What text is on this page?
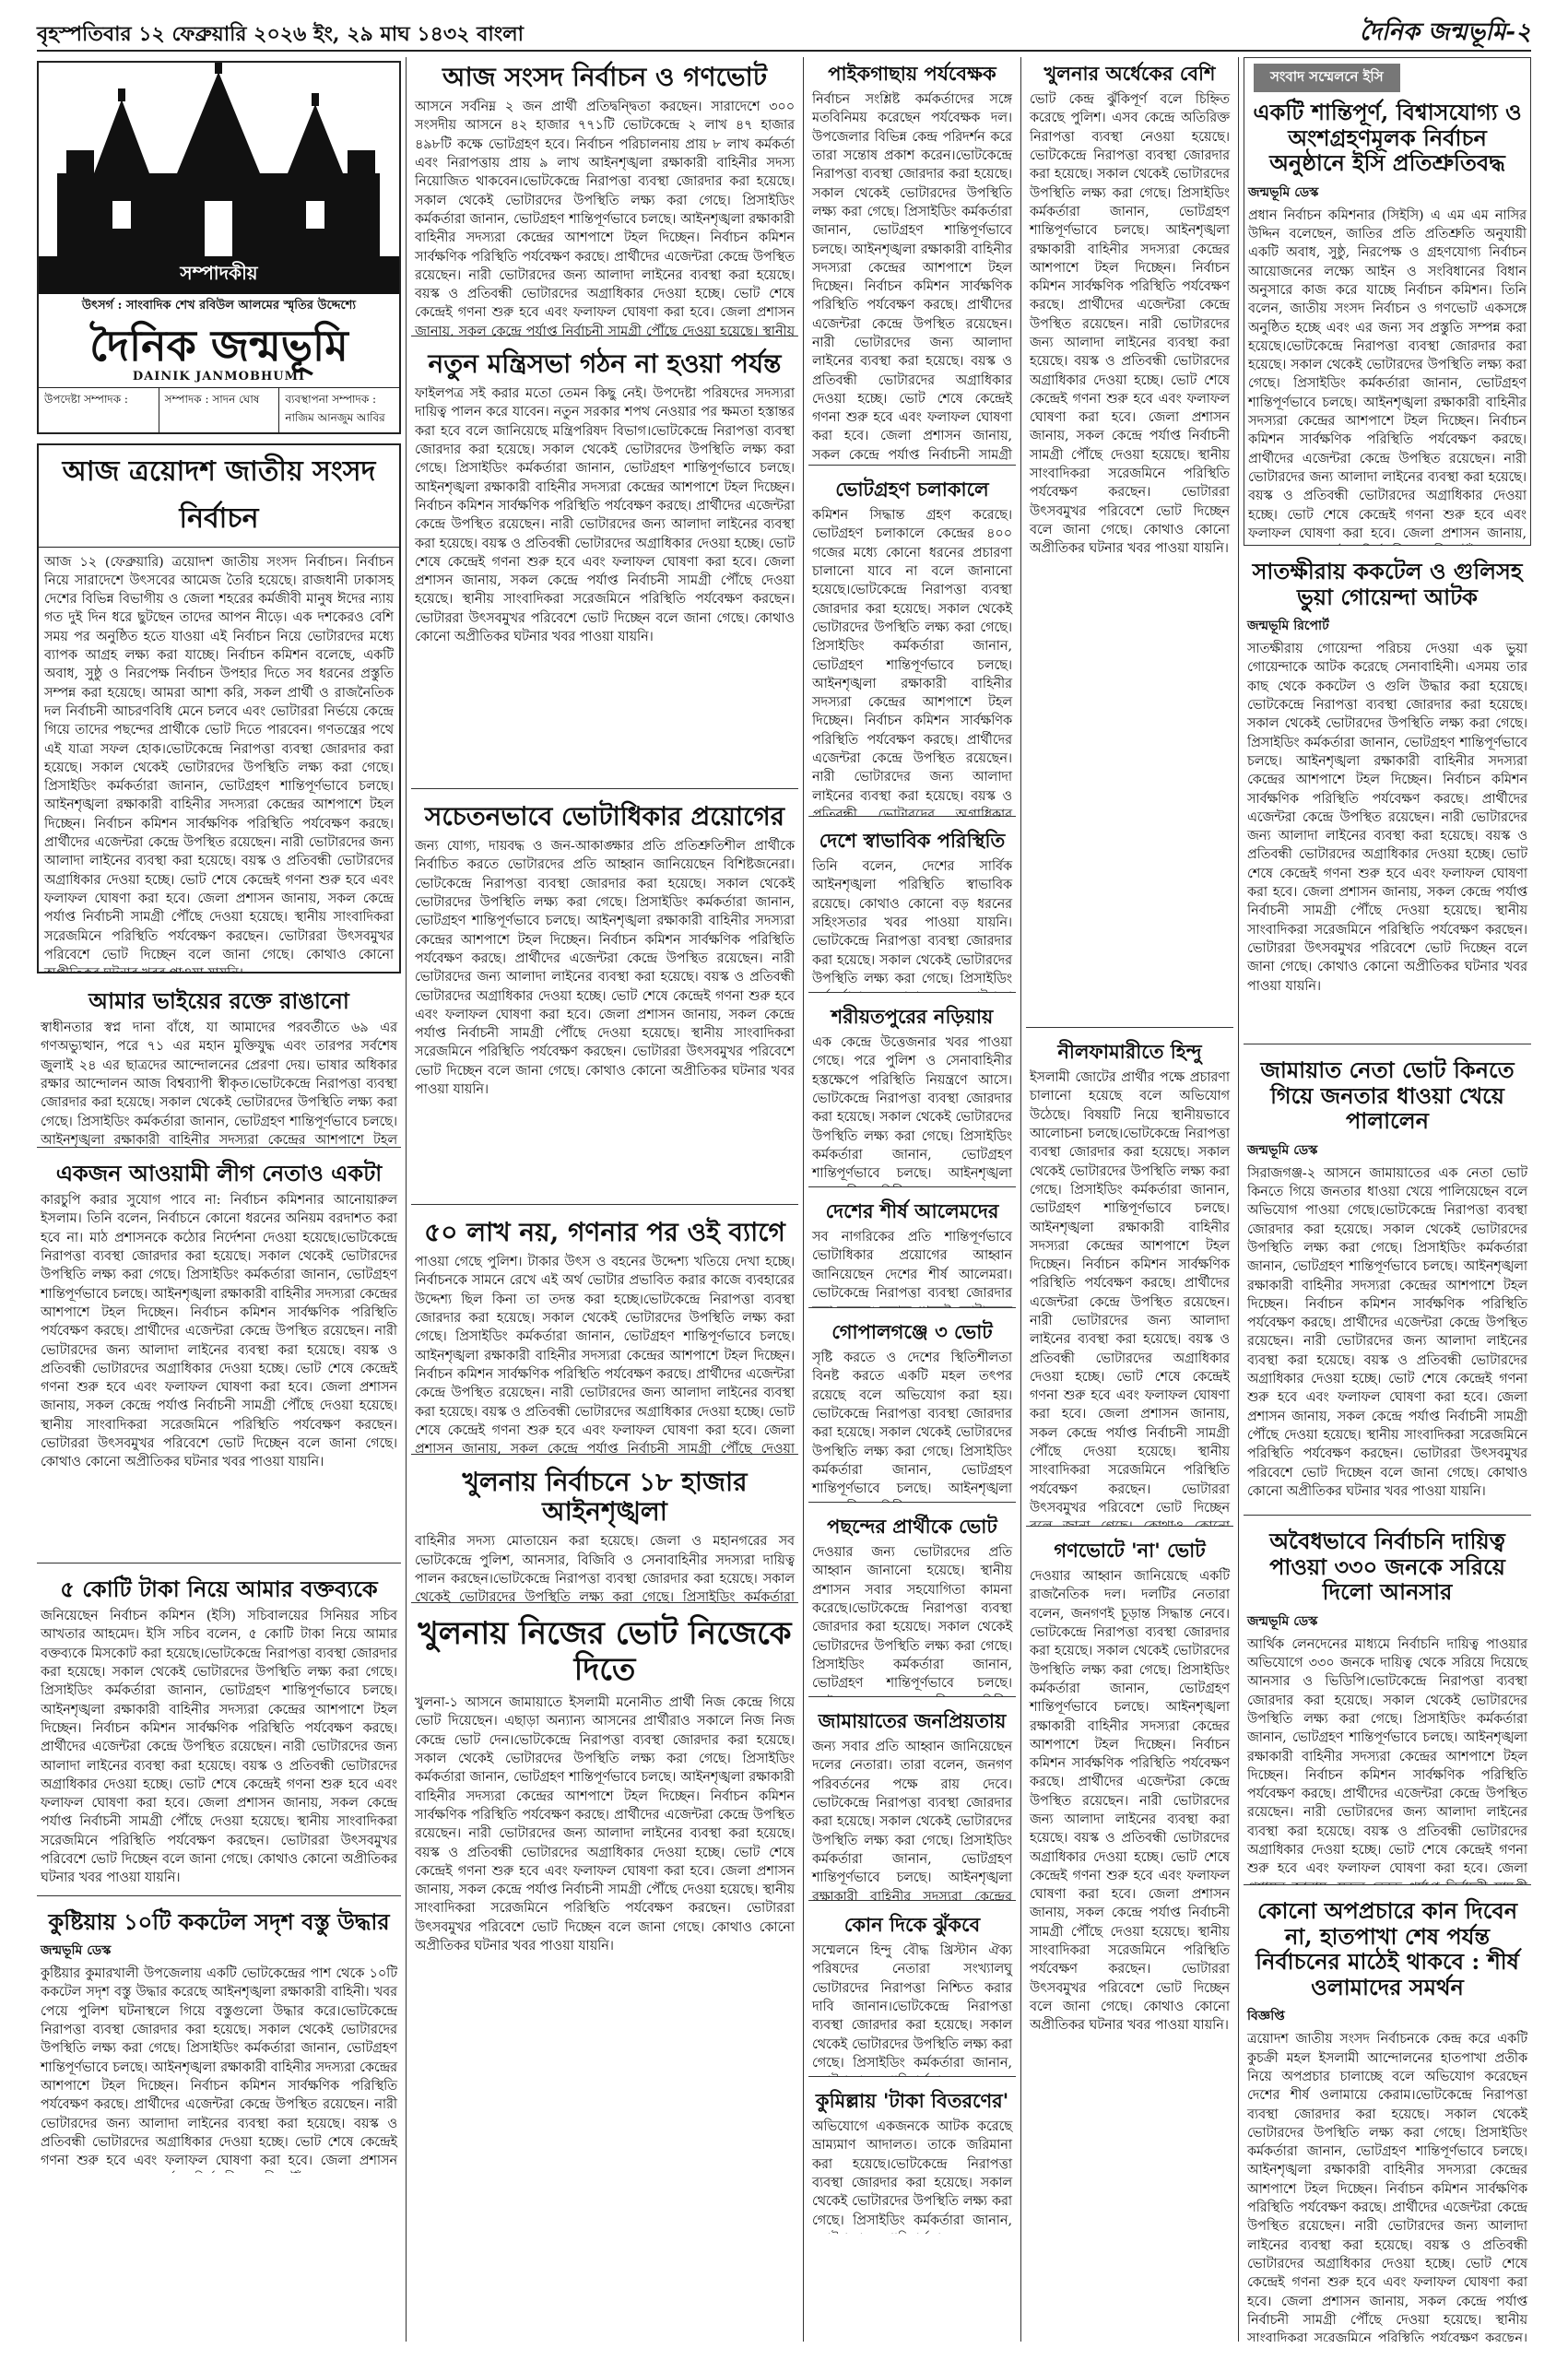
বৃহস্পতিবার ১২ ফেব্রুয়ারি ২০২৬ ইং, ২৯ মাঘ ১৪৩২ বাংলা	দৈনিক জন্মভূমি-২
সম্পাদকীয়
উৎসর্গ : সাংবাদিক শেখ রবিউল আলমের স্মৃতির উদ্দেশ্যে
দৈনিক জন্মভূমি
DAINIK JANMOBHUMI
উপদেষ্টা সম্পাদক :	সম্পাদক : সাদন ঘোষ	ব্যবস্থাপনা সম্পাদক : নাজিম আনজুম আবির
আজ ত্রয়োদশ জাতীয় সংসদ নির্বাচন

আজ ১২ (ফেব্রুয়ারি) ত্রয়োদশ জাতীয় সংসদ নির্বাচন। নির্বাচন নিয়ে সারাদেশে উৎসবের আমেজ তৈরি হয়েছে। রাজধানী ঢাকাসহ দেশের বিভিন্ন বিভাগীয় ও জেলা শহরের কর্মজীবী মানুষ ঈদের ন্যায় গত দুই দিন ধরে ছুটছেন তাদের আপন নীড়ে। এক দশকেরও বেশি সময় পর অনুষ্ঠিত হতে যাওয়া এই নির্বাচন নিয়ে ভোটারদের মধ্যে ব্যাপক আগ্রহ লক্ষ্য করা যাচ্ছে। নির্বাচন কমিশন বলেছে, একটি অবাধ, সুষ্ঠু ও নিরপেক্ষ নির্বাচন উপহার দিতে সব ধরনের প্রস্তুতি সম্পন্ন করা হয়েছে। আমরা আশা করি, সকল প্রার্থী ও রাজনৈতিক দল নির্বাচনী আচরণবিধি মেনে চলবে এবং ভোটাররা নির্ভয়ে কেন্দ্রে গিয়ে তাদের পছন্দের প্রার্থীকে ভোট দিতে পারবেন। গণতন্ত্রের পথে এই যাত্রা সফল হোক। ভোটকেন্দ্রে নিরাপত্তা ব্যবস্থা জোরদার করা হয়েছে। সকাল থেকেই ভোটারদের উপস্থিতি লক্ষ্য করা গেছে। প্রিসাইডিং কর্মকর্তারা জানান, ভোটগ্রহণ শান্তিপূর্ণভাবে চলছে। আইনশৃঙ্খলা রক্ষাকারী বাহিনীর সদস্যরা কেন্দ্রের আশপাশে টহল দিচ্ছেন। নির্বাচন কমিশন সার্বক্ষণিক পরিস্থিতি পর্যবেক্ষণ করছে। প্রার্থীদের এজেন্টরা কেন্দ্রে উপস্থিত রয়েছেন। নারী ভোটারদের জন্য আলাদা লাইনের ব্যবস্থা করা হয়েছে। বয়স্ক ও প্রতিবন্ধী ভোটারদের অগ্রাধিকার দেওয়া হচ্ছে। ভোট শেষে কেন্দ্রেই গণনা শুরু হবে এবং ফলাফল ঘোষণা করা হবে। জেলা প্রশাসন জানায়, সকল কেন্দ্রে পর্যাপ্ত নির্বাচনী সামগ্রী পৌঁছে দেওয়া হয়েছে। স্থানীয় সাংবাদিকরা সরেজমিনে পরিস্থিতি পর্যবেক্ষণ করছেন। ভোটাররা উৎসবমুখর পরিবেশে ভোট দিচ্ছেন বলে জানা গেছে। কোথাও কোনো অপ্রীতিকর ঘটনার খবর পাওয়া যায়নি।

আমার ভাইয়ের রক্তে রাঙানো

স্বাধীনতার স্বপ্ন দানা বাঁধে, যা আমাদের পরবর্তীতে ৬৯ এর গণঅভ্যুত্থান, পরে ৭১ এর মহান মুক্তিযুদ্ধ এবং তারপর সর্বশেষ জুলাই ২৪ এর ছাত্রদের আন্দোলনের প্রেরণা দেয়। ভাষার অধিকার রক্ষার আন্দোলন আজ বিশ্বব্যাপী স্বীকৃত। ভোটকেন্দ্রে নিরাপত্তা ব্যবস্থা জোরদার করা হয়েছে। সকাল থেকেই ভোটারদের উপস্থিতি লক্ষ্য করা গেছে। প্রিসাইডিং কর্মকর্তারা জানান, ভোটগ্রহণ শান্তিপূর্ণভাবে চলছে। আইনশৃঙ্খলা রক্ষাকারী বাহিনীর সদস্যরা কেন্দ্রের আশপাশে টহল দিচ্ছেন। নির্বাচন কমিশন সার্বক্ষণিক পরিস্থিতি পর্যবেক্ষণ করছে। প্রার্থীদের এজেন্টরা কেন্দ্রে উপস্থিত রয়েছেন। নারী ভোটারদের জন্য আলাদা লাইনের ব্যবস্থা করা হয়েছে। বয়স্ক ও প্রতিবন্ধী ভোটারদের অগ্রাধিকার দেওয়া হচ্ছে। ভোট শেষে কেন্দ্রেই গণনা শুরু হবে এবং ফলাফল ঘোষণা করা হবে। জেলা প্রশাসন জানায়, সকল কেন্দ্রে পর্যাপ্ত নির্বাচনী সামগ্রী পৌঁছে দেওয়া হয়েছে। স্থানীয় সাংবাদিকরা সরেজমিনে পরিস্থিতি পর্যবেক্ষণ করছেন। ভোটাররা উৎসবমুখর পরিবেশে ভোট দিচ্ছেন বলে জানা গেছে। কোথাও কোনো অপ্রীতিকর ঘটনার খবর পাওয়া যায়নি।

একজন আওয়ামী লীগ নেতাও একটা

কারচুপি করার সুযোগ পাবে না: নির্বাচন কমিশনার আনোয়ারুল ইসলাম। তিনি বলেন, নির্বাচনে কোনো ধরনের অনিয়ম বরদাশত করা হবে না। মাঠ প্রশাসনকে কঠোর নির্দেশনা দেওয়া হয়েছে। ভোটকেন্দ্রে নিরাপত্তা ব্যবস্থা জোরদার করা হয়েছে। সকাল থেকেই ভোটারদের উপস্থিতি লক্ষ্য করা গেছে। প্রিসাইডিং কর্মকর্তারা জানান, ভোটগ্রহণ শান্তিপূর্ণভাবে চলছে। আইনশৃঙ্খলা রক্ষাকারী বাহিনীর সদস্যরা কেন্দ্রের আশপাশে টহল দিচ্ছেন। নির্বাচন কমিশন সার্বক্ষণিক পরিস্থিতি পর্যবেক্ষণ করছে। প্রার্থীদের এজেন্টরা কেন্দ্রে উপস্থিত রয়েছেন। নারী ভোটারদের জন্য আলাদা লাইনের ব্যবস্থা করা হয়েছে। বয়স্ক ও প্রতিবন্ধী ভোটারদের অগ্রাধিকার দেওয়া হচ্ছে। ভোট শেষে কেন্দ্রেই গণনা শুরু হবে এবং ফলাফল ঘোষণা করা হবে। জেলা প্রশাসন জানায়, সকল কেন্দ্রে পর্যাপ্ত নির্বাচনী সামগ্রী পৌঁছে দেওয়া হয়েছে। স্থানীয় সাংবাদিকরা সরেজমিনে পরিস্থিতি পর্যবেক্ষণ করছেন। ভোটাররা উৎসবমুখর পরিবেশে ভোট দিচ্ছেন বলে জানা গেছে। কোথাও কোনো অপ্রীতিকর ঘটনার খবর পাওয়া যায়নি।

৫ কোটি টাকা নিয়ে আমার বক্তব্যকে

জনিয়েছেন নির্বাচন কমিশন (ইসি) সচিবালয়ের সিনিয়র সচিব আখতার আহমেদ। ইসি সচিব বলেন, ৫ কোটি টাকা নিয়ে আমার বক্তব্যকে মিসকোট করা হয়েছে। ভোটকেন্দ্রে নিরাপত্তা ব্যবস্থা জোরদার করা হয়েছে। সকাল থেকেই ভোটারদের উপস্থিতি লক্ষ্য করা গেছে। প্রিসাইডিং কর্মকর্তারা জানান, ভোটগ্রহণ শান্তিপূর্ণভাবে চলছে। আইনশৃঙ্খলা রক্ষাকারী বাহিনীর সদস্যরা কেন্দ্রের আশপাশে টহল দিচ্ছেন। নির্বাচন কমিশন সার্বক্ষণিক পরিস্থিতি পর্যবেক্ষণ করছে। প্রার্থীদের এজেন্টরা কেন্দ্রে উপস্থিত রয়েছেন। নারী ভোটারদের জন্য আলাদা লাইনের ব্যবস্থা করা হয়েছে। বয়স্ক ও প্রতিবন্ধী ভোটারদের অগ্রাধিকার দেওয়া হচ্ছে। ভোট শেষে কেন্দ্রেই গণনা শুরু হবে এবং ফলাফল ঘোষণা করা হবে। জেলা প্রশাসন জানায়, সকল কেন্দ্রে পর্যাপ্ত নির্বাচনী সামগ্রী পৌঁছে দেওয়া হয়েছে। স্থানীয় সাংবাদিকরা সরেজমিনে পরিস্থিতি পর্যবেক্ষণ করছেন। ভোটাররা উৎসবমুখর পরিবেশে ভোট দিচ্ছেন বলে জানা গেছে। কোথাও কোনো অপ্রীতিকর ঘটনার খবর পাওয়া যায়নি।

কুষ্টিয়ায় ১০টি ককটেল সদৃশ বস্তু উদ্ধার
জন্মভূমি ডেস্ক

কুষ্টিয়ার কুমারখালী উপজেলায় একটি ভোটকেন্দ্রের পাশ থেকে ১০টি ককটেল সদৃশ বস্তু উদ্ধার করেছে আইনশৃঙ্খলা রক্ষাকারী বাহিনী। খবর পেয়ে পুলিশ ঘটনাস্থলে গিয়ে বস্তুগুলো উদ্ধার করে। ভোটকেন্দ্রে নিরাপত্তা ব্যবস্থা জোরদার করা হয়েছে। সকাল থেকেই ভোটারদের উপস্থিতি লক্ষ্য করা গেছে। প্রিসাইডিং কর্মকর্তারা জানান, ভোটগ্রহণ শান্তিপূর্ণভাবে চলছে। আইনশৃঙ্খলা রক্ষাকারী বাহিনীর সদস্যরা কেন্দ্রের আশপাশে টহল দিচ্ছেন। নির্বাচন কমিশন সার্বক্ষণিক পরিস্থিতি পর্যবেক্ষণ করছে। প্রার্থীদের এজেন্টরা কেন্দ্রে উপস্থিত রয়েছেন। নারী ভোটারদের জন্য আলাদা লাইনের ব্যবস্থা করা হয়েছে। বয়স্ক ও প্রতিবন্ধী ভোটারদের অগ্রাধিকার দেওয়া হচ্ছে। ভোট শেষে কেন্দ্রেই গণনা শুরু হবে এবং ফলাফল ঘোষণা করা হবে। জেলা প্রশাসন জানায়, সকল কেন্দ্রে পর্যাপ্ত নির্বাচনী সামগ্রী পৌঁছে দেওয়া হয়েছে। স্থানীয় সাংবাদিকরা সরেজমিনে পরিস্থিতি পর্যবেক্ষণ করছেন। ভোটাররা উৎসবমুখর পরিবেশে ভোট দিচ্ছেন বলে জানা গেছে। কোথাও কোনো অপ্রীতিকর ঘটনার খবর পাওয়া যায়নি।

আজ সংসদ নির্বাচন ও গণভোট

আসনে সর্বনিম্ন ২ জন প্রার্থী প্রতিদ্বন্দ্বিতা করছেন। সারাদেশে ৩০০ সংসদীয় আসনে ৪২ হাজার ৭৭১টি ভোটকেন্দ্রে ২ লাখ ৪৭ হাজার ৪৯৮টি কক্ষে ভোটগ্রহণ হবে। নির্বাচন পরিচালনায় প্রায় ৮ লাখ কর্মকর্তা এবং নিরাপত্তায় প্রায় ৯ লাখ আইনশৃঙ্খলা রক্ষাকারী বাহিনীর সদস্য নিয়োজিত থাকবেন। ভোটকেন্দ্রে নিরাপত্তা ব্যবস্থা জোরদার করা হয়েছে। সকাল থেকেই ভোটারদের উপস্থিতি লক্ষ্য করা গেছে। প্রিসাইডিং কর্মকর্তারা জানান, ভোটগ্রহণ শান্তিপূর্ণভাবে চলছে। আইনশৃঙ্খলা রক্ষাকারী বাহিনীর সদস্যরা কেন্দ্রের আশপাশে টহল দিচ্ছেন। নির্বাচন কমিশন সার্বক্ষণিক পরিস্থিতি পর্যবেক্ষণ করছে। প্রার্থীদের এজেন্টরা কেন্দ্রে উপস্থিত রয়েছেন। নারী ভোটারদের জন্য আলাদা লাইনের ব্যবস্থা করা হয়েছে। বয়স্ক ও প্রতিবন্ধী ভোটারদের অগ্রাধিকার দেওয়া হচ্ছে। ভোট শেষে কেন্দ্রেই গণনা শুরু হবে এবং ফলাফল ঘোষণা করা হবে। জেলা প্রশাসন জানায়, সকল কেন্দ্রে পর্যাপ্ত নির্বাচনী সামগ্রী পৌঁছে দেওয়া হয়েছে। স্থানীয় সাংবাদিকরা সরেজমিনে পরিস্থিতি পর্যবেক্ষণ করছেন। ভোটাররা উৎসবমুখর পরিবেশে ভোট দিচ্ছেন বলে জানা গেছে। কোথাও কোনো অপ্রীতিকর ঘটনার খবর পাওয়া যায়নি।

নতুন মন্ত্রিসভা গঠন না হওয়া পর্যন্ত

ফাইলপত্র সই করার মতো তেমন কিছু নেই। উপদেষ্টা পরিষদের সদস্যরা দায়িত্ব পালন করে যাবেন। নতুন সরকার শপথ নেওয়ার পর ক্ষমতা হস্তান্তর করা হবে বলে জানিয়েছে মন্ত্রিপরিষদ বিভাগ। ভোটকেন্দ্রে নিরাপত্তা ব্যবস্থা জোরদার করা হয়েছে। সকাল থেকেই ভোটারদের উপস্থিতি লক্ষ্য করা গেছে। প্রিসাইডিং কর্মকর্তারা জানান, ভোটগ্রহণ শান্তিপূর্ণভাবে চলছে। আইনশৃঙ্খলা রক্ষাকারী বাহিনীর সদস্যরা কেন্দ্রের আশপাশে টহল দিচ্ছেন। নির্বাচন কমিশন সার্বক্ষণিক পরিস্থিতি পর্যবেক্ষণ করছে। প্রার্থীদের এজেন্টরা কেন্দ্রে উপস্থিত রয়েছেন। নারী ভোটারদের জন্য আলাদা লাইনের ব্যবস্থা করা হয়েছে। বয়স্ক ও প্রতিবন্ধী ভোটারদের অগ্রাধিকার দেওয়া হচ্ছে। ভোট শেষে কেন্দ্রেই গণনা শুরু হবে এবং ফলাফল ঘোষণা করা হবে। জেলা প্রশাসন জানায়, সকল কেন্দ্রে পর্যাপ্ত নির্বাচনী সামগ্রী পৌঁছে দেওয়া হয়েছে। স্থানীয় সাংবাদিকরা সরেজমিনে পরিস্থিতি পর্যবেক্ষণ করছেন। ভোটাররা উৎসবমুখর পরিবেশে ভোট দিচ্ছেন বলে জানা গেছে। কোথাও কোনো অপ্রীতিকর ঘটনার খবর পাওয়া যায়নি।

সচেতনভাবে ভোটাধিকার প্রয়োগের

জন্য যোগ্য, দায়বদ্ধ ও জন-আকাঙ্ক্ষার প্রতি প্রতিশ্রুতিশীল প্রার্থীকে নির্বাচিত করতে ভোটারদের প্রতি আহ্বান জানিয়েছেন বিশিষ্টজনেরা। ভোটকেন্দ্রে নিরাপত্তা ব্যবস্থা জোরদার করা হয়েছে। সকাল থেকেই ভোটারদের উপস্থিতি লক্ষ্য করা গেছে। প্রিসাইডিং কর্মকর্তারা জানান, ভোটগ্রহণ শান্তিপূর্ণভাবে চলছে। আইনশৃঙ্খলা রক্ষাকারী বাহিনীর সদস্যরা কেন্দ্রের আশপাশে টহল দিচ্ছেন। নির্বাচন কমিশন সার্বক্ষণিক পরিস্থিতি পর্যবেক্ষণ করছে। প্রার্থীদের এজেন্টরা কেন্দ্রে উপস্থিত রয়েছেন। নারী ভোটারদের জন্য আলাদা লাইনের ব্যবস্থা করা হয়েছে। বয়স্ক ও প্রতিবন্ধী ভোটারদের অগ্রাধিকার দেওয়া হচ্ছে। ভোট শেষে কেন্দ্রেই গণনা শুরু হবে এবং ফলাফল ঘোষণা করা হবে। জেলা প্রশাসন জানায়, সকল কেন্দ্রে পর্যাপ্ত নির্বাচনী সামগ্রী পৌঁছে দেওয়া হয়েছে। স্থানীয় সাংবাদিকরা সরেজমিনে পরিস্থিতি পর্যবেক্ষণ করছেন। ভোটাররা উৎসবমুখর পরিবেশে ভোট দিচ্ছেন বলে জানা গেছে। কোথাও কোনো অপ্রীতিকর ঘটনার খবর পাওয়া যায়নি।

৫০ লাখ নয়, গণনার পর ওই ব্যাগে

পাওয়া গেছে পুলিশ। টাকার উৎস ও বহনের উদ্দেশ্য খতিয়ে দেখা হচ্ছে। নির্বাচনকে সামনে রেখে এই অর্থ ভোটার প্রভাবিত করার কাজে ব্যবহারের উদ্দেশ্য ছিল কিনা তা তদন্ত করা হচ্ছে। ভোটকেন্দ্রে নিরাপত্তা ব্যবস্থা জোরদার করা হয়েছে। সকাল থেকেই ভোটারদের উপস্থিতি লক্ষ্য করা গেছে। প্রিসাইডিং কর্মকর্তারা জানান, ভোটগ্রহণ শান্তিপূর্ণভাবে চলছে। আইনশৃঙ্খলা রক্ষাকারী বাহিনীর সদস্যরা কেন্দ্রের আশপাশে টহল দিচ্ছেন। নির্বাচন কমিশন সার্বক্ষণিক পরিস্থিতি পর্যবেক্ষণ করছে। প্রার্থীদের এজেন্টরা কেন্দ্রে উপস্থিত রয়েছেন। নারী ভোটারদের জন্য আলাদা লাইনের ব্যবস্থা করা হয়েছে। বয়স্ক ও প্রতিবন্ধী ভোটারদের অগ্রাধিকার দেওয়া হচ্ছে। ভোট শেষে কেন্দ্রেই গণনা শুরু হবে এবং ফলাফল ঘোষণা করা হবে। জেলা প্রশাসন জানায়, সকল কেন্দ্রে পর্যাপ্ত নির্বাচনী সামগ্রী পৌঁছে দেওয়া হয়েছে। স্থানীয় সাংবাদিকরা সরেজমিনে পরিস্থিতি পর্যবেক্ষণ করছেন। ভোটাররা উৎসবমুখর পরিবেশে ভোট দিচ্ছেন বলে জানা গেছে। কোথাও কোনো অপ্রীতিকর ঘটনার খবর পাওয়া যায়নি।

খুলনায় নির্বাচনে ১৮ হাজার আইনশৃঙ্খলা

বাহিনীর সদস্য মোতায়েন করা হয়েছে। জেলা ও মহানগরের সব ভোটকেন্দ্রে পুলিশ, আনসার, বিজিবি ও সেনাবাহিনীর সদস্যরা দায়িত্ব পালন করছেন। ভোটকেন্দ্রে নিরাপত্তা ব্যবস্থা জোরদার করা হয়েছে। সকাল থেকেই ভোটারদের উপস্থিতি লক্ষ্য করা গেছে। প্রিসাইডিং কর্মকর্তারা জানান, ভোটগ্রহণ শান্তিপূর্ণভাবে চলছে। আইনশৃঙ্খলা রক্ষাকারী বাহিনীর সদস্যরা কেন্দ্রের আশপাশে টহল দিচ্ছেন। নির্বাচন কমিশন সার্বক্ষণিক পরিস্থিতি পর্যবেক্ষণ করছে। প্রার্থীদের এজেন্টরা কেন্দ্রে উপস্থিত রয়েছেন। নারী ভোটারদের জন্য আলাদা লাইনের ব্যবস্থা করা হয়েছে। বয়স্ক ও প্রতিবন্ধী ভোটারদের অগ্রাধিকার দেওয়া হচ্ছে। ভোট শেষে কেন্দ্রেই গণনা শুরু হবে এবং ফলাফল ঘোষণা করা হবে। জেলা প্রশাসন জানায়, সকল কেন্দ্রে পর্যাপ্ত নির্বাচনী সামগ্রী পৌঁছে দেওয়া হয়েছে। স্থানীয় সাংবাদিকরা সরেজমিনে পরিস্থিতি পর্যবেক্ষণ করছেন। ভোটাররা উৎসবমুখর পরিবেশে ভোট দিচ্ছেন বলে জানা গেছে। কোথাও কোনো অপ্রীতিকর ঘটনার খবর পাওয়া যায়নি।

খুলনায় নিজের ভোট নিজেকে দিতে

খুলনা-১ আসনে জামায়াতে ইসলামী মনোনীত প্রার্থী নিজ কেন্দ্রে গিয়ে ভোট দিয়েছেন। এছাড়া অন্যান্য আসনের প্রার্থীরাও সকালে নিজ নিজ কেন্দ্রে ভোট দেন। ভোটকেন্দ্রে নিরাপত্তা ব্যবস্থা জোরদার করা হয়েছে। সকাল থেকেই ভোটারদের উপস্থিতি লক্ষ্য করা গেছে। প্রিসাইডিং কর্মকর্তারা জানান, ভোটগ্রহণ শান্তিপূর্ণভাবে চলছে। আইনশৃঙ্খলা রক্ষাকারী বাহিনীর সদস্যরা কেন্দ্রের আশপাশে টহল দিচ্ছেন। নির্বাচন কমিশন সার্বক্ষণিক পরিস্থিতি পর্যবেক্ষণ করছে। প্রার্থীদের এজেন্টরা কেন্দ্রে উপস্থিত রয়েছেন। নারী ভোটারদের জন্য আলাদা লাইনের ব্যবস্থা করা হয়েছে। বয়স্ক ও প্রতিবন্ধী ভোটারদের অগ্রাধিকার দেওয়া হচ্ছে। ভোট শেষে কেন্দ্রেই গণনা শুরু হবে এবং ফলাফল ঘোষণা করা হবে। জেলা প্রশাসন জানায়, সকল কেন্দ্রে পর্যাপ্ত নির্বাচনী সামগ্রী পৌঁছে দেওয়া হয়েছে। স্থানীয় সাংবাদিকরা সরেজমিনে পরিস্থিতি পর্যবেক্ষণ করছেন। ভোটাররা উৎসবমুখর পরিবেশে ভোট দিচ্ছেন বলে জানা গেছে। কোথাও কোনো অপ্রীতিকর ঘটনার খবর পাওয়া যায়নি।

পাইকগাছায় পর্যবেক্ষক

নির্বাচন সংশ্লিষ্ট কর্মকর্তাদের সঙ্গে মতবিনিময় করেছেন পর্যবেক্ষক দল। উপজেলার বিভিন্ন কেন্দ্র পরিদর্শন করে তারা সন্তোষ প্রকাশ করেন। ভোটকেন্দ্রে নিরাপত্তা ব্যবস্থা জোরদার করা হয়েছে। সকাল থেকেই ভোটারদের উপস্থিতি লক্ষ্য করা গেছে। প্রিসাইডিং কর্মকর্তারা জানান, ভোটগ্রহণ শান্তিপূর্ণভাবে চলছে। আইনশৃঙ্খলা রক্ষাকারী বাহিনীর সদস্যরা কেন্দ্রের আশপাশে টহল দিচ্ছেন। নির্বাচন কমিশন সার্বক্ষণিক পরিস্থিতি পর্যবেক্ষণ করছে। প্রার্থীদের এজেন্টরা কেন্দ্রে উপস্থিত রয়েছেন। নারী ভোটারদের জন্য আলাদা লাইনের ব্যবস্থা করা হয়েছে। বয়স্ক ও প্রতিবন্ধী ভোটারদের অগ্রাধিকার দেওয়া হচ্ছে। ভোট শেষে কেন্দ্রেই গণনা শুরু হবে এবং ফলাফল ঘোষণা করা হবে। জেলা প্রশাসন জানায়, সকল কেন্দ্রে পর্যাপ্ত নির্বাচনী সামগ্রী পৌঁছে দেওয়া হয়েছে। স্থানীয় সাংবাদিকরা সরেজমিনে পরিস্থিতি পর্যবেক্ষণ করছেন। ভোটাররা উৎসবমুখর পরিবেশে ভোট দিচ্ছেন বলে জানা গেছে। কোথাও কোনো অপ্রীতিকর ঘটনার খবর পাওয়া যায়নি।

ভোটগ্রহণ চলাকালে

কমিশন সিদ্ধান্ত গ্রহণ করেছে। ভোটগ্রহণ চলাকালে কেন্দ্রের ৪০০ গজের মধ্যে কোনো ধরনের প্রচারণা চালানো যাবে না বলে জানানো হয়েছে। ভোটকেন্দ্রে নিরাপত্তা ব্যবস্থা জোরদার করা হয়েছে। সকাল থেকেই ভোটারদের উপস্থিতি লক্ষ্য করা গেছে। প্রিসাইডিং কর্মকর্তারা জানান, ভোটগ্রহণ শান্তিপূর্ণভাবে চলছে। আইনশৃঙ্খলা রক্ষাকারী বাহিনীর সদস্যরা কেন্দ্রের আশপাশে টহল দিচ্ছেন। নির্বাচন কমিশন সার্বক্ষণিক পরিস্থিতি পর্যবেক্ষণ করছে। প্রার্থীদের এজেন্টরা কেন্দ্রে উপস্থিত রয়েছেন। নারী ভোটারদের জন্য আলাদা লাইনের ব্যবস্থা করা হয়েছে। বয়স্ক ও প্রতিবন্ধী ভোটারদের অগ্রাধিকার দেওয়া হচ্ছে। ভোট শেষে কেন্দ্রেই গণনা শুরু হবে এবং ফলাফল ঘোষণা করা হবে। জেলা প্রশাসন জানায়, সকল কেন্দ্রে পর্যাপ্ত নির্বাচনী সামগ্রী পৌঁছে দেওয়া হয়েছে। স্থানীয় সাংবাদিকরা সরেজমিনে পরিস্থিতি পর্যবেক্ষণ করছেন। ভোটাররা উৎসবমুখর পরিবেশে ভোট দিচ্ছেন বলে জানা গেছে। কোথাও কোনো অপ্রীতিকর ঘটনার খবর পাওয়া যায়নি।

দেশে স্বাভাবিক পরিস্থিতি

তিনি বলেন, দেশের সার্বিক আইনশৃঙ্খলা পরিস্থিতি স্বাভাবিক রয়েছে। কোথাও কোনো বড় ধরনের সহিংসতার খবর পাওয়া যায়নি। ভোটকেন্দ্রে নিরাপত্তা ব্যবস্থা জোরদার করা হয়েছে। সকাল থেকেই ভোটারদের উপস্থিতি লক্ষ্য করা গেছে। প্রিসাইডিং কর্মকর্তারা জানান, ভোটগ্রহণ শান্তিপূর্ণভাবে চলছে। আইনশৃঙ্খলা রক্ষাকারী বাহিনীর সদস্যরা কেন্দ্রের আশপাশে টহল দিচ্ছেন। নির্বাচন কমিশন সার্বক্ষণিক পরিস্থিতি পর্যবেক্ষণ করছে। প্রার্থীদের এজেন্টরা কেন্দ্রে উপস্থিত রয়েছেন। নারী ভোটারদের জন্য আলাদা লাইনের ব্যবস্থা করা হয়েছে। বয়স্ক ও প্রতিবন্ধী ভোটারদের অগ্রাধিকার দেওয়া হচ্ছে। ভোট শেষে কেন্দ্রেই গণনা শুরু হবে এবং ফলাফল ঘোষণা করা হবে। জেলা প্রশাসন জানায়, সকল কেন্দ্রে পর্যাপ্ত নির্বাচনী সামগ্রী পৌঁছে দেওয়া হয়েছে। স্থানীয় সাংবাদিকরা সরেজমিনে পরিস্থিতি পর্যবেক্ষণ করছেন। ভোটাররা উৎসবমুখর পরিবেশে ভোট দিচ্ছেন বলে জানা গেছে। কোথাও কোনো অপ্রীতিকর ঘটনার খবর পাওয়া যায়নি।

শরীয়তপুরের নড়িয়ায়

এক কেন্দ্রে উত্তেজনার খবর পাওয়া গেছে। পরে পুলিশ ও সেনাবাহিনীর হস্তক্ষেপে পরিস্থিতি নিয়ন্ত্রণে আসে। ভোটকেন্দ্রে নিরাপত্তা ব্যবস্থা জোরদার করা হয়েছে। সকাল থেকেই ভোটারদের উপস্থিতি লক্ষ্য করা গেছে। প্রিসাইডিং কর্মকর্তারা জানান, ভোটগ্রহণ শান্তিপূর্ণভাবে চলছে। আইনশৃঙ্খলা রক্ষাকারী বাহিনীর সদস্যরা কেন্দ্রের আশপাশে টহল দিচ্ছেন। নির্বাচন কমিশন সার্বক্ষণিক পরিস্থিতি পর্যবেক্ষণ করছে। প্রার্থীদের এজেন্টরা কেন্দ্রে উপস্থিত রয়েছেন। নারী ভোটারদের জন্য আলাদা লাইনের ব্যবস্থা করা হয়েছে। বয়স্ক ও প্রতিবন্ধী ভোটারদের অগ্রাধিকার দেওয়া হচ্ছে। ভোট শেষে কেন্দ্রেই গণনা শুরু হবে এবং ফলাফল ঘোষণা করা হবে। জেলা প্রশাসন জানায়, সকল কেন্দ্রে পর্যাপ্ত নির্বাচনী সামগ্রী পৌঁছে দেওয়া হয়েছে। স্থানীয় সাংবাদিকরা সরেজমিনে পরিস্থিতি পর্যবেক্ষণ করছেন। ভোটাররা উৎসবমুখর পরিবেশে ভোট দিচ্ছেন বলে জানা গেছে। কোথাও কোনো অপ্রীতিকর ঘটনার খবর পাওয়া যায়নি।

দেশের শীর্ষ আলেমদের

সব নাগরিকের প্রতি শান্তিপূর্ণভাবে ভোটাধিকার প্রয়োগের আহ্বান জানিয়েছেন দেশের শীর্ষ আলেমরা। ভোটকেন্দ্রে নিরাপত্তা ব্যবস্থা জোরদার করা হয়েছে। সকাল থেকেই ভোটারদের উপস্থিতি লক্ষ্য করা গেছে। প্রিসাইডিং কর্মকর্তারা জানান, ভোটগ্রহণ শান্তিপূর্ণভাবে চলছে। আইনশৃঙ্খলা রক্ষাকারী বাহিনীর সদস্যরা কেন্দ্রের আশপাশে টহল দিচ্ছেন। নির্বাচন কমিশন সার্বক্ষণিক পরিস্থিতি পর্যবেক্ষণ করছে। প্রার্থীদের এজেন্টরা কেন্দ্রে উপস্থিত রয়েছেন। নারী ভোটারদের জন্য আলাদা লাইনের ব্যবস্থা করা হয়েছে। বয়স্ক ও প্রতিবন্ধী ভোটারদের অগ্রাধিকার দেওয়া হচ্ছে। ভোট শেষে কেন্দ্রেই গণনা শুরু হবে এবং ফলাফল ঘোষণা করা হবে। জেলা প্রশাসন জানায়, সকল কেন্দ্রে পর্যাপ্ত নির্বাচনী সামগ্রী পৌঁছে দেওয়া হয়েছে। স্থানীয় সাংবাদিকরা সরেজমিনে পরিস্থিতি পর্যবেক্ষণ করছেন। ভোটাররা উৎসবমুখর পরিবেশে ভোট দিচ্ছেন বলে জানা গেছে। কোথাও কোনো অপ্রীতিকর ঘটনার খবর পাওয়া যায়নি।

গোপালগঞ্জে ৩ ভোট

সৃষ্টি করতে ও দেশের স্থিতিশীলতা বিনষ্ট করতে একটি মহল তৎপর রয়েছে বলে অভিযোগ করা হয়। ভোটকেন্দ্রে নিরাপত্তা ব্যবস্থা জোরদার করা হয়েছে। সকাল থেকেই ভোটারদের উপস্থিতি লক্ষ্য করা গেছে। প্রিসাইডিং কর্মকর্তারা জানান, ভোটগ্রহণ শান্তিপূর্ণভাবে চলছে। আইনশৃঙ্খলা রক্ষাকারী বাহিনীর সদস্যরা কেন্দ্রের আশপাশে টহল দিচ্ছেন। নির্বাচন কমিশন সার্বক্ষণিক পরিস্থিতি পর্যবেক্ষণ করছে। প্রার্থীদের এজেন্টরা কেন্দ্রে উপস্থিত রয়েছেন। নারী ভোটারদের জন্য আলাদা লাইনের ব্যবস্থা করা হয়েছে। বয়স্ক ও প্রতিবন্ধী ভোটারদের অগ্রাধিকার দেওয়া হচ্ছে। ভোট শেষে কেন্দ্রেই গণনা শুরু হবে এবং ফলাফল ঘোষণা করা হবে। জেলা প্রশাসন জানায়, সকল কেন্দ্রে পর্যাপ্ত নির্বাচনী সামগ্রী পৌঁছে দেওয়া হয়েছে। স্থানীয় সাংবাদিকরা সরেজমিনে পরিস্থিতি পর্যবেক্ষণ করছেন। ভোটাররা উৎসবমুখর পরিবেশে ভোট দিচ্ছেন বলে জানা গেছে। কোথাও কোনো অপ্রীতিকর ঘটনার খবর পাওয়া যায়নি।

পছন্দের প্রার্থীকে ভোট

দেওয়ার জন্য ভোটারদের প্রতি আহ্বান জানানো হয়েছে। স্থানীয় প্রশাসন সবার সহযোগিতা কামনা করেছে। ভোটকেন্দ্রে নিরাপত্তা ব্যবস্থা জোরদার করা হয়েছে। সকাল থেকেই ভোটারদের উপস্থিতি লক্ষ্য করা গেছে। প্রিসাইডিং কর্মকর্তারা জানান, ভোটগ্রহণ শান্তিপূর্ণভাবে চলছে। আইনশৃঙ্খলা রক্ষাকারী বাহিনীর সদস্যরা কেন্দ্রের আশপাশে টহল দিচ্ছেন। নির্বাচন কমিশন সার্বক্ষণিক পরিস্থিতি পর্যবেক্ষণ করছে। প্রার্থীদের এজেন্টরা কেন্দ্রে উপস্থিত রয়েছেন। নারী ভোটারদের জন্য আলাদা লাইনের ব্যবস্থা করা হয়েছে। বয়স্ক ও প্রতিবন্ধী ভোটারদের অগ্রাধিকার দেওয়া হচ্ছে। ভোট শেষে কেন্দ্রেই গণনা শুরু হবে এবং ফলাফল ঘোষণা করা হবে। জেলা প্রশাসন জানায়, সকল কেন্দ্রে পর্যাপ্ত নির্বাচনী সামগ্রী পৌঁছে দেওয়া হয়েছে। স্থানীয় সাংবাদিকরা সরেজমিনে পরিস্থিতি পর্যবেক্ষণ করছেন। ভোটাররা উৎসবমুখর পরিবেশে ভোট দিচ্ছেন বলে জানা গেছে। কোথাও কোনো অপ্রীতিকর ঘটনার খবর পাওয়া যায়নি।

জামায়াতের জনপ্রিয়তায়

জন্য সবার প্রতি আহ্বান জানিয়েছেন দলের নেতারা। তারা বলেন, জনগণ পরিবর্তনের পক্ষে রায় দেবে। ভোটকেন্দ্রে নিরাপত্তা ব্যবস্থা জোরদার করা হয়েছে। সকাল থেকেই ভোটারদের উপস্থিতি লক্ষ্য করা গেছে। প্রিসাইডিং কর্মকর্তারা জানান, ভোটগ্রহণ শান্তিপূর্ণভাবে চলছে। আইনশৃঙ্খলা রক্ষাকারী বাহিনীর সদস্যরা কেন্দ্রের আশপাশে টহল দিচ্ছেন। নির্বাচন কমিশন সার্বক্ষণিক পরিস্থিতি পর্যবেক্ষণ করছে। প্রার্থীদের এজেন্টরা কেন্দ্রে উপস্থিত রয়েছেন। নারী ভোটারদের জন্য আলাদা লাইনের ব্যবস্থা করা হয়েছে। বয়স্ক ও প্রতিবন্ধী ভোটারদের অগ্রাধিকার দেওয়া হচ্ছে। ভোট শেষে কেন্দ্রেই গণনা শুরু হবে এবং ফলাফল ঘোষণা করা হবে। জেলা প্রশাসন জানায়, সকল কেন্দ্রে পর্যাপ্ত নির্বাচনী সামগ্রী পৌঁছে দেওয়া হয়েছে। স্থানীয় সাংবাদিকরা সরেজমিনে পরিস্থিতি পর্যবেক্ষণ করছেন। ভোটাররা উৎসবমুখর পরিবেশে ভোট দিচ্ছেন বলে জানা গেছে। কোথাও কোনো অপ্রীতিকর ঘটনার খবর পাওয়া যায়নি।

কোন দিকে ঝুঁকবে

সম্মেলনে হিন্দু বৌদ্ধ খ্রিস্টান ঐক্য পরিষদের নেতারা সংখ্যালঘু ভোটারদের নিরাপত্তা নিশ্চিত করার দাবি জানান। ভোটকেন্দ্রে নিরাপত্তা ব্যবস্থা জোরদার করা হয়েছে। সকাল থেকেই ভোটারদের উপস্থিতি লক্ষ্য করা গেছে। প্রিসাইডিং কর্মকর্তারা জানান, ভোটগ্রহণ শান্তিপূর্ণভাবে চলছে। আইনশৃঙ্খলা রক্ষাকারী বাহিনীর সদস্যরা কেন্দ্রের আশপাশে টহল দিচ্ছেন। নির্বাচন কমিশন সার্বক্ষণিক পরিস্থিতি পর্যবেক্ষণ করছে। প্রার্থীদের এজেন্টরা কেন্দ্রে উপস্থিত রয়েছেন। নারী ভোটারদের জন্য আলাদা লাইনের ব্যবস্থা করা হয়েছে। বয়স্ক ও প্রতিবন্ধী ভোটারদের অগ্রাধিকার দেওয়া হচ্ছে। ভোট শেষে কেন্দ্রেই গণনা শুরু হবে এবং ফলাফল ঘোষণা করা হবে। জেলা প্রশাসন জানায়, সকল কেন্দ্রে পর্যাপ্ত নির্বাচনী সামগ্রী পৌঁছে দেওয়া হয়েছে। স্থানীয় সাংবাদিকরা সরেজমিনে পরিস্থিতি পর্যবেক্ষণ করছেন। ভোটাররা উৎসবমুখর পরিবেশে ভোট দিচ্ছেন বলে জানা গেছে। কোথাও কোনো অপ্রীতিকর ঘটনার খবর পাওয়া যায়নি।

কুমিল্লায় 'টাকা বিতরণের'

অভিযোগে একজনকে আটক করেছে ভ্রাম্যমাণ আদালত। তাকে জরিমানা করা হয়েছে। ভোটকেন্দ্রে নিরাপত্তা ব্যবস্থা জোরদার করা হয়েছে। সকাল থেকেই ভোটারদের উপস্থিতি লক্ষ্য করা গেছে। প্রিসাইডিং কর্মকর্তারা জানান, ভোটগ্রহণ শান্তিপূর্ণভাবে চলছে। আইনশৃঙ্খলা রক্ষাকারী বাহিনীর সদস্যরা কেন্দ্রের আশপাশে টহল দিচ্ছেন। নির্বাচন কমিশন সার্বক্ষণিক পরিস্থিতি পর্যবেক্ষণ করছে। প্রার্থীদের এজেন্টরা কেন্দ্রে উপস্থিত রয়েছেন। নারী ভোটারদের জন্য আলাদা লাইনের ব্যবস্থা করা হয়েছে। বয়স্ক ও প্রতিবন্ধী ভোটারদের অগ্রাধিকার দেওয়া হচ্ছে। ভোট শেষে কেন্দ্রেই গণনা শুরু হবে এবং ফলাফল ঘোষণা করা হবে। জেলা প্রশাসন জানায়, সকল কেন্দ্রে পর্যাপ্ত নির্বাচনী সামগ্রী পৌঁছে দেওয়া হয়েছে। স্থানীয় সাংবাদিকরা সরেজমিনে পরিস্থিতি পর্যবেক্ষণ করছেন। ভোটাররা উৎসবমুখর পরিবেশে ভোট দিচ্ছেন বলে জানা গেছে। কোথাও কোনো অপ্রীতিকর ঘটনার খবর পাওয়া যায়নি।

খুলনার অর্ধেকের বেশি

ভোট কেন্দ্র ঝুঁকিপূর্ণ বলে চিহ্নিত করেছে পুলিশ। এসব কেন্দ্রে অতিরিক্ত নিরাপত্তা ব্যবস্থা নেওয়া হয়েছে। ভোটকেন্দ্রে নিরাপত্তা ব্যবস্থা জোরদার করা হয়েছে। সকাল থেকেই ভোটারদের উপস্থিতি লক্ষ্য করা গেছে। প্রিসাইডিং কর্মকর্তারা জানান, ভোটগ্রহণ শান্তিপূর্ণভাবে চলছে। আইনশৃঙ্খলা রক্ষাকারী বাহিনীর সদস্যরা কেন্দ্রের আশপাশে টহল দিচ্ছেন। নির্বাচন কমিশন সার্বক্ষণিক পরিস্থিতি পর্যবেক্ষণ করছে। প্রার্থীদের এজেন্টরা কেন্দ্রে উপস্থিত রয়েছেন। নারী ভোটারদের জন্য আলাদা লাইনের ব্যবস্থা করা হয়েছে। বয়স্ক ও প্রতিবন্ধী ভোটারদের অগ্রাধিকার দেওয়া হচ্ছে। ভোট শেষে কেন্দ্রেই গণনা শুরু হবে এবং ফলাফল ঘোষণা করা হবে। জেলা প্রশাসন জানায়, সকল কেন্দ্রে পর্যাপ্ত নির্বাচনী সামগ্রী পৌঁছে দেওয়া হয়েছে। স্থানীয় সাংবাদিকরা সরেজমিনে পরিস্থিতি পর্যবেক্ষণ করছেন। ভোটাররা উৎসবমুখর পরিবেশে ভোট দিচ্ছেন বলে জানা গেছে। কোথাও কোনো অপ্রীতিকর ঘটনার খবর পাওয়া যায়নি।

নীলফামারীতে হিন্দু

ইসলামী জোটের প্রার্থীর পক্ষে প্রচারণা চালানো হয়েছে বলে অভিযোগ উঠেছে। বিষয়টি নিয়ে স্থানীয়ভাবে আলোচনা চলছে। ভোটকেন্দ্রে নিরাপত্তা ব্যবস্থা জোরদার করা হয়েছে। সকাল থেকেই ভোটারদের উপস্থিতি লক্ষ্য করা গেছে। প্রিসাইডিং কর্মকর্তারা জানান, ভোটগ্রহণ শান্তিপূর্ণভাবে চলছে। আইনশৃঙ্খলা রক্ষাকারী বাহিনীর সদস্যরা কেন্দ্রের আশপাশে টহল দিচ্ছেন। নির্বাচন কমিশন সার্বক্ষণিক পরিস্থিতি পর্যবেক্ষণ করছে। প্রার্থীদের এজেন্টরা কেন্দ্রে উপস্থিত রয়েছেন। নারী ভোটারদের জন্য আলাদা লাইনের ব্যবস্থা করা হয়েছে। বয়স্ক ও প্রতিবন্ধী ভোটারদের অগ্রাধিকার দেওয়া হচ্ছে। ভোট শেষে কেন্দ্রেই গণনা শুরু হবে এবং ফলাফল ঘোষণা করা হবে। জেলা প্রশাসন জানায়, সকল কেন্দ্রে পর্যাপ্ত নির্বাচনী সামগ্রী পৌঁছে দেওয়া হয়েছে। স্থানীয় সাংবাদিকরা সরেজমিনে পরিস্থিতি পর্যবেক্ষণ করছেন। ভোটাররা উৎসবমুখর পরিবেশে ভোট দিচ্ছেন বলে জানা গেছে। কোথাও কোনো অপ্রীতিকর ঘটনার খবর পাওয়া যায়নি।

গণভোটে 'না' ভোট

দেওয়ার আহ্বান জানিয়েছে একটি রাজনৈতিক দল। দলটির নেতারা বলেন, জনগণই চূড়ান্ত সিদ্ধান্ত নেবে। ভোটকেন্দ্রে নিরাপত্তা ব্যবস্থা জোরদার করা হয়েছে। সকাল থেকেই ভোটারদের উপস্থিতি লক্ষ্য করা গেছে। প্রিসাইডিং কর্মকর্তারা জানান, ভোটগ্রহণ শান্তিপূর্ণভাবে চলছে। আইনশৃঙ্খলা রক্ষাকারী বাহিনীর সদস্যরা কেন্দ্রের আশপাশে টহল দিচ্ছেন। নির্বাচন কমিশন সার্বক্ষণিক পরিস্থিতি পর্যবেক্ষণ করছে। প্রার্থীদের এজেন্টরা কেন্দ্রে উপস্থিত রয়েছেন। নারী ভোটারদের জন্য আলাদা লাইনের ব্যবস্থা করা হয়েছে। বয়স্ক ও প্রতিবন্ধী ভোটারদের অগ্রাধিকার দেওয়া হচ্ছে। ভোট শেষে কেন্দ্রেই গণনা শুরু হবে এবং ফলাফল ঘোষণা করা হবে। জেলা প্রশাসন জানায়, সকল কেন্দ্রে পর্যাপ্ত নির্বাচনী সামগ্রী পৌঁছে দেওয়া হয়েছে। স্থানীয় সাংবাদিকরা সরেজমিনে পরিস্থিতি পর্যবেক্ষণ করছেন। ভোটাররা উৎসবমুখর পরিবেশে ভোট দিচ্ছেন বলে জানা গেছে। কোথাও কোনো অপ্রীতিকর ঘটনার খবর পাওয়া যায়নি।

সংবাদ সম্মেলনে ইসি
একটি শান্তিপূর্ণ, বিশ্বাসযোগ্য ও অংশগ্রহণমূলক নির্বাচন অনুষ্ঠানে ইসি প্রতিশ্রুতিবদ্ধ
জন্মভূমি ডেস্ক

প্রধান নির্বাচন কমিশনার (সিইসি) এ এম এম নাসির উদ্দিন বলেছেন, জাতির প্রতি প্রতিশ্রুতি অনুযায়ী একটি অবাধ, সুষ্ঠু, নিরপেক্ষ ও গ্রহণযোগ্য নির্বাচন আয়োজনের লক্ষ্যে আইন ও সংবিধানের বিধান অনুসারে কাজ করে যাচ্ছে নির্বাচন কমিশন। তিনি বলেন, জাতীয় সংসদ নির্বাচন ও গণভোট একসঙ্গে অনুষ্ঠিত হচ্ছে এবং এর জন্য সব প্রস্তুতি সম্পন্ন করা হয়েছে। ভোটকেন্দ্রে নিরাপত্তা ব্যবস্থা জোরদার করা হয়েছে। সকাল থেকেই ভোটারদের উপস্থিতি লক্ষ্য করা গেছে। প্রিসাইডিং কর্মকর্তারা জানান, ভোটগ্রহণ শান্তিপূর্ণভাবে চলছে। আইনশৃঙ্খলা রক্ষাকারী বাহিনীর সদস্যরা কেন্দ্রের আশপাশে টহল দিচ্ছেন। নির্বাচন কমিশন সার্বক্ষণিক পরিস্থিতি পর্যবেক্ষণ করছে। প্রার্থীদের এজেন্টরা কেন্দ্রে উপস্থিত রয়েছেন। নারী ভোটারদের জন্য আলাদা লাইনের ব্যবস্থা করা হয়েছে। বয়স্ক ও প্রতিবন্ধী ভোটারদের অগ্রাধিকার দেওয়া হচ্ছে। ভোট শেষে কেন্দ্রেই গণনা শুরু হবে এবং ফলাফল ঘোষণা করা হবে। জেলা প্রশাসন জানায়, সকল কেন্দ্রে পর্যাপ্ত নির্বাচনী সামগ্রী পৌঁছে দেওয়া হয়েছে। স্থানীয় সাংবাদিকরা সরেজমিনে পরিস্থিতি পর্যবেক্ষণ করছেন। ভোটাররা উৎসবমুখর পরিবেশে ভোট দিচ্ছেন বলে জানা গেছে। কোথাও কোনো অপ্রীতিকর ঘটনার খবর পাওয়া যায়নি।

সাতক্ষীরায় ককটেল ও গুলিসহ ভুয়া গোয়েন্দা আটক
জন্মভূমি রিপোর্ট

সাতক্ষীরায় গোয়েন্দা পরিচয় দেওয়া এক ভুয়া গোয়েন্দাকে আটক করেছে সেনাবাহিনী। এসময় তার কাছ থেকে ককটেল ও গুলি উদ্ধার করা হয়েছে। ভোটকেন্দ্রে নিরাপত্তা ব্যবস্থা জোরদার করা হয়েছে। সকাল থেকেই ভোটারদের উপস্থিতি লক্ষ্য করা গেছে। প্রিসাইডিং কর্মকর্তারা জানান, ভোটগ্রহণ শান্তিপূর্ণভাবে চলছে। আইনশৃঙ্খলা রক্ষাকারী বাহিনীর সদস্যরা কেন্দ্রের আশপাশে টহল দিচ্ছেন। নির্বাচন কমিশন সার্বক্ষণিক পরিস্থিতি পর্যবেক্ষণ করছে। প্রার্থীদের এজেন্টরা কেন্দ্রে উপস্থিত রয়েছেন। নারী ভোটারদের জন্য আলাদা লাইনের ব্যবস্থা করা হয়েছে। বয়স্ক ও প্রতিবন্ধী ভোটারদের অগ্রাধিকার দেওয়া হচ্ছে। ভোট শেষে কেন্দ্রেই গণনা শুরু হবে এবং ফলাফল ঘোষণা করা হবে। জেলা প্রশাসন জানায়, সকল কেন্দ্রে পর্যাপ্ত নির্বাচনী সামগ্রী পৌঁছে দেওয়া হয়েছে। স্থানীয় সাংবাদিকরা সরেজমিনে পরিস্থিতি পর্যবেক্ষণ করছেন। ভোটাররা উৎসবমুখর পরিবেশে ভোট দিচ্ছেন বলে জানা গেছে। কোথাও কোনো অপ্রীতিকর ঘটনার খবর পাওয়া যায়নি।

জামায়াত নেতা ভোট কিনতে গিয়ে জনতার ধাওয়া খেয়ে পালালেন
জন্মভূমি ডেস্ক

সিরাজগঞ্জ-২ আসনে জামায়াতের এক নেতা ভোট কিনতে গিয়ে জনতার ধাওয়া খেয়ে পালিয়েছেন বলে অভিযোগ পাওয়া গেছে। ভোটকেন্দ্রে নিরাপত্তা ব্যবস্থা জোরদার করা হয়েছে। সকাল থেকেই ভোটারদের উপস্থিতি লক্ষ্য করা গেছে। প্রিসাইডিং কর্মকর্তারা জানান, ভোটগ্রহণ শান্তিপূর্ণভাবে চলছে। আইনশৃঙ্খলা রক্ষাকারী বাহিনীর সদস্যরা কেন্দ্রের আশপাশে টহল দিচ্ছেন। নির্বাচন কমিশন সার্বক্ষণিক পরিস্থিতি পর্যবেক্ষণ করছে। প্রার্থীদের এজেন্টরা কেন্দ্রে উপস্থিত রয়েছেন। নারী ভোটারদের জন্য আলাদা লাইনের ব্যবস্থা করা হয়েছে। বয়স্ক ও প্রতিবন্ধী ভোটারদের অগ্রাধিকার দেওয়া হচ্ছে। ভোট শেষে কেন্দ্রেই গণনা শুরু হবে এবং ফলাফল ঘোষণা করা হবে। জেলা প্রশাসন জানায়, সকল কেন্দ্রে পর্যাপ্ত নির্বাচনী সামগ্রী পৌঁছে দেওয়া হয়েছে। স্থানীয় সাংবাদিকরা সরেজমিনে পরিস্থিতি পর্যবেক্ষণ করছেন। ভোটাররা উৎসবমুখর পরিবেশে ভোট দিচ্ছেন বলে জানা গেছে। কোথাও কোনো অপ্রীতিকর ঘটনার খবর পাওয়া যায়নি।

অবৈধভাবে নির্বাচনি দায়িত্ব পাওয়া ৩৩০ জনকে সরিয়ে দিলো আনসার
জন্মভূমি ডেস্ক

আর্থিক লেনদেনের মাধ্যমে নির্বাচনি দায়িত্ব পাওয়ার অভিযোগে ৩৩০ জনকে দায়িত্ব থেকে সরিয়ে দিয়েছে আনসার ও ভিডিপি। ভোটকেন্দ্রে নিরাপত্তা ব্যবস্থা জোরদার করা হয়েছে। সকাল থেকেই ভোটারদের উপস্থিতি লক্ষ্য করা গেছে। প্রিসাইডিং কর্মকর্তারা জানান, ভোটগ্রহণ শান্তিপূর্ণভাবে চলছে। আইনশৃঙ্খলা রক্ষাকারী বাহিনীর সদস্যরা কেন্দ্রের আশপাশে টহল দিচ্ছেন। নির্বাচন কমিশন সার্বক্ষণিক পরিস্থিতি পর্যবেক্ষণ করছে। প্রার্থীদের এজেন্টরা কেন্দ্রে উপস্থিত রয়েছেন। নারী ভোটারদের জন্য আলাদা লাইনের ব্যবস্থা করা হয়েছে। বয়স্ক ও প্রতিবন্ধী ভোটারদের অগ্রাধিকার দেওয়া হচ্ছে। ভোট শেষে কেন্দ্রেই গণনা শুরু হবে এবং ফলাফল ঘোষণা করা হবে। জেলা প্রশাসন জানায়, সকল কেন্দ্রে পর্যাপ্ত নির্বাচনী সামগ্রী পৌঁছে দেওয়া হয়েছে। স্থানীয় সাংবাদিকরা সরেজমিনে পরিস্থিতি পর্যবেক্ষণ করছেন। ভোটাররা উৎসবমুখর পরিবেশে ভোট দিচ্ছেন বলে জানা গেছে। কোথাও কোনো অপ্রীতিকর ঘটনার খবর পাওয়া যায়নি।

কোনো অপপ্রচারে কান দিবেন না, হাতপাখা শেষ পর্যন্ত নির্বাচনের মাঠেই থাকবে : শীর্ষ ওলামাদের সমর্থন
বিজ্ঞপ্তি

ত্রয়োদশ জাতীয় সংসদ নির্বাচনকে কেন্দ্র করে একটি কুচক্রী মহল ইসলামী আন্দোলনের হাতপাখা প্রতীক নিয়ে অপপ্রচার চালাচ্ছে বলে অভিযোগ করেছেন দেশের শীর্ষ ওলামায়ে কেরাম। ভোটকেন্দ্রে নিরাপত্তা ব্যবস্থা জোরদার করা হয়েছে। সকাল থেকেই ভোটারদের উপস্থিতি লক্ষ্য করা গেছে। প্রিসাইডিং কর্মকর্তারা জানান, ভোটগ্রহণ শান্তিপূর্ণভাবে চলছে। আইনশৃঙ্খলা রক্ষাকারী বাহিনীর সদস্যরা কেন্দ্রের আশপাশে টহল দিচ্ছেন। নির্বাচন কমিশন সার্বক্ষণিক পরিস্থিতি পর্যবেক্ষণ করছে। প্রার্থীদের এজেন্টরা কেন্দ্রে উপস্থিত রয়েছেন। নারী ভোটারদের জন্য আলাদা লাইনের ব্যবস্থা করা হয়েছে। বয়স্ক ও প্রতিবন্ধী ভোটারদের অগ্রাধিকার দেওয়া হচ্ছে। ভোট শেষে কেন্দ্রেই গণনা শুরু হবে এবং ফলাফল ঘোষণা করা হবে। জেলা প্রশাসন জানায়, সকল কেন্দ্রে পর্যাপ্ত নির্বাচনী সামগ্রী পৌঁছে দেওয়া হয়েছে। স্থানীয় সাংবাদিকরা সরেজমিনে পরিস্থিতি পর্যবেক্ষণ করছেন। ভোটাররা উৎসবমুখর পরিবেশে ভোট দিচ্ছেন বলে জানা গেছে। কোথাও কোনো অপ্রীতিকর ঘটনার খবর পাওয়া যায়নি।
